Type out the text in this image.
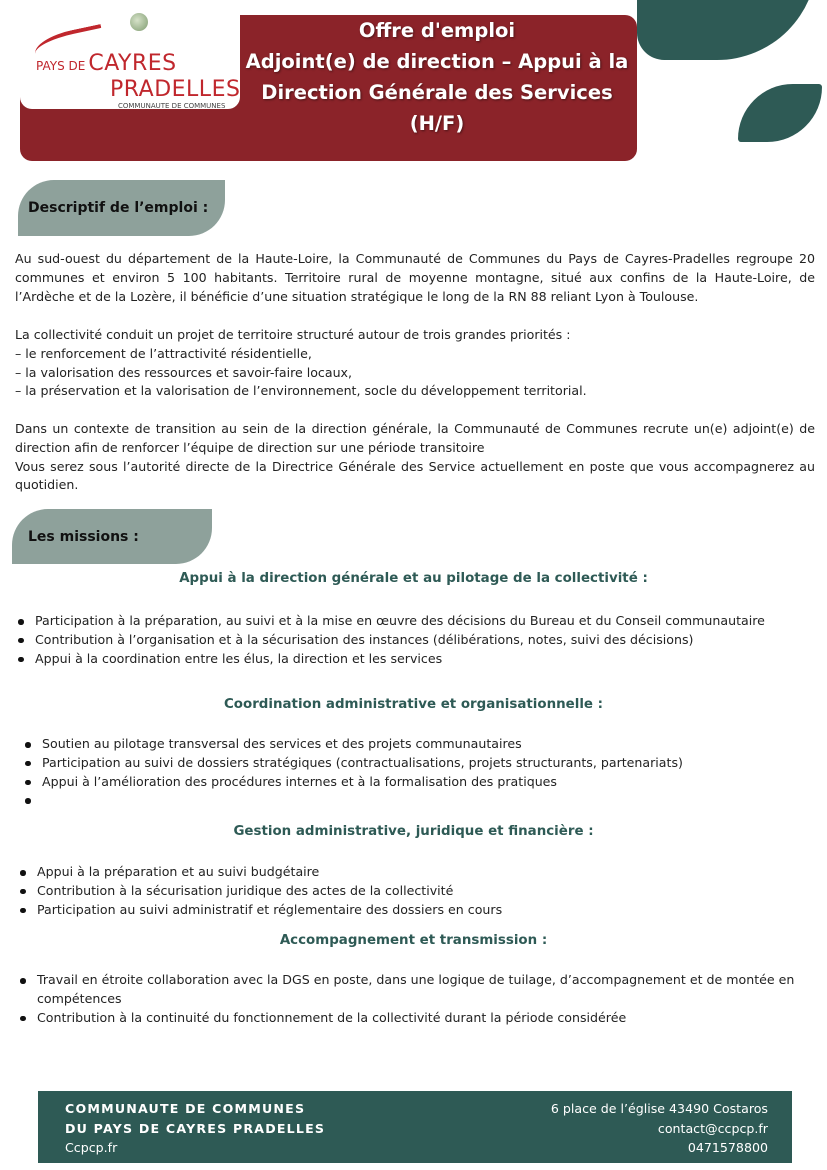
PAYS DE CAYRES
PRADELLES
COMMUNAUTE DE COMMUNES
Offre d'emploi
Adjoint(e) de direction – Appui à la
Direction Générale des Services
(H/F)
Descriptif de l’emploi :

Au sud-ouest du département de la Haute-Loire, la Communauté de Communes du Pays de Cayres-Pradelles regroupe 20 communes et environ 5 100 habitants. Territoire rural de moyenne montagne, situé aux confins de la Haute-Loire, de l’Ardèche et de la Lozère, il bénéficie d’une situation stratégique le long de la RN 88 reliant Lyon à Toulouse.

La collectivité conduit un projet de territoire structuré autour de trois grandes priorités :
– le renforcement de l’attractivité résidentielle,
– la valorisation des ressources et savoir-faire locaux,
– la préservation et la valorisation de l’environnement, socle du développement territorial.

Dans un contexte de transition au sein de la direction générale, la Communauté de Communes recrute un(e) adjoint(e) de direction afin de renforcer l’équipe de direction sur une période transitoire
Vous serez sous l’autorité directe de la Directrice Générale des Service actuellement en poste que vous accompagnerez au quotidien.

Les missions :
Appui à la direction générale et au pilotage de la collectivité :
Participation à la préparation, au suivi et à la mise en œuvre des décisions du Bureau et du Conseil communautaire
Contribution à l’organisation et à la sécurisation des instances (délibérations, notes, suivi des décisions)
Appui à la coordination entre les élus, la direction et les services
Coordination administrative et organisationnelle :
Soutien au pilotage transversal des services et des projets communautaires
Participation au suivi de dossiers stratégiques (contractualisations, projets structurants, partenariats)
Appui à l’amélioration des procédures internes et à la formalisation des pratiques
Gestion administrative, juridique et financière :
Appui à la préparation et au suivi budgétaire
Contribution à la sécurisation juridique des actes de la collectivité
Participation au suivi administratif et réglementaire des dossiers en cours
Accompagnement et transmission :
Travail en étroite collaboration avec la DGS en poste, dans une logique de tuilage, d’accompagnement et de montée en compétences
Contribution à la continuité du fonctionnement de la collectivité durant la période considérée
COMMUNAUTE DE COMMUNES
DU PAYS DE CAYRES PRADELLES
Ccpcp.fr
6 place de l’église 43490 Costaros
contact@ccpcp.fr
0471578800
